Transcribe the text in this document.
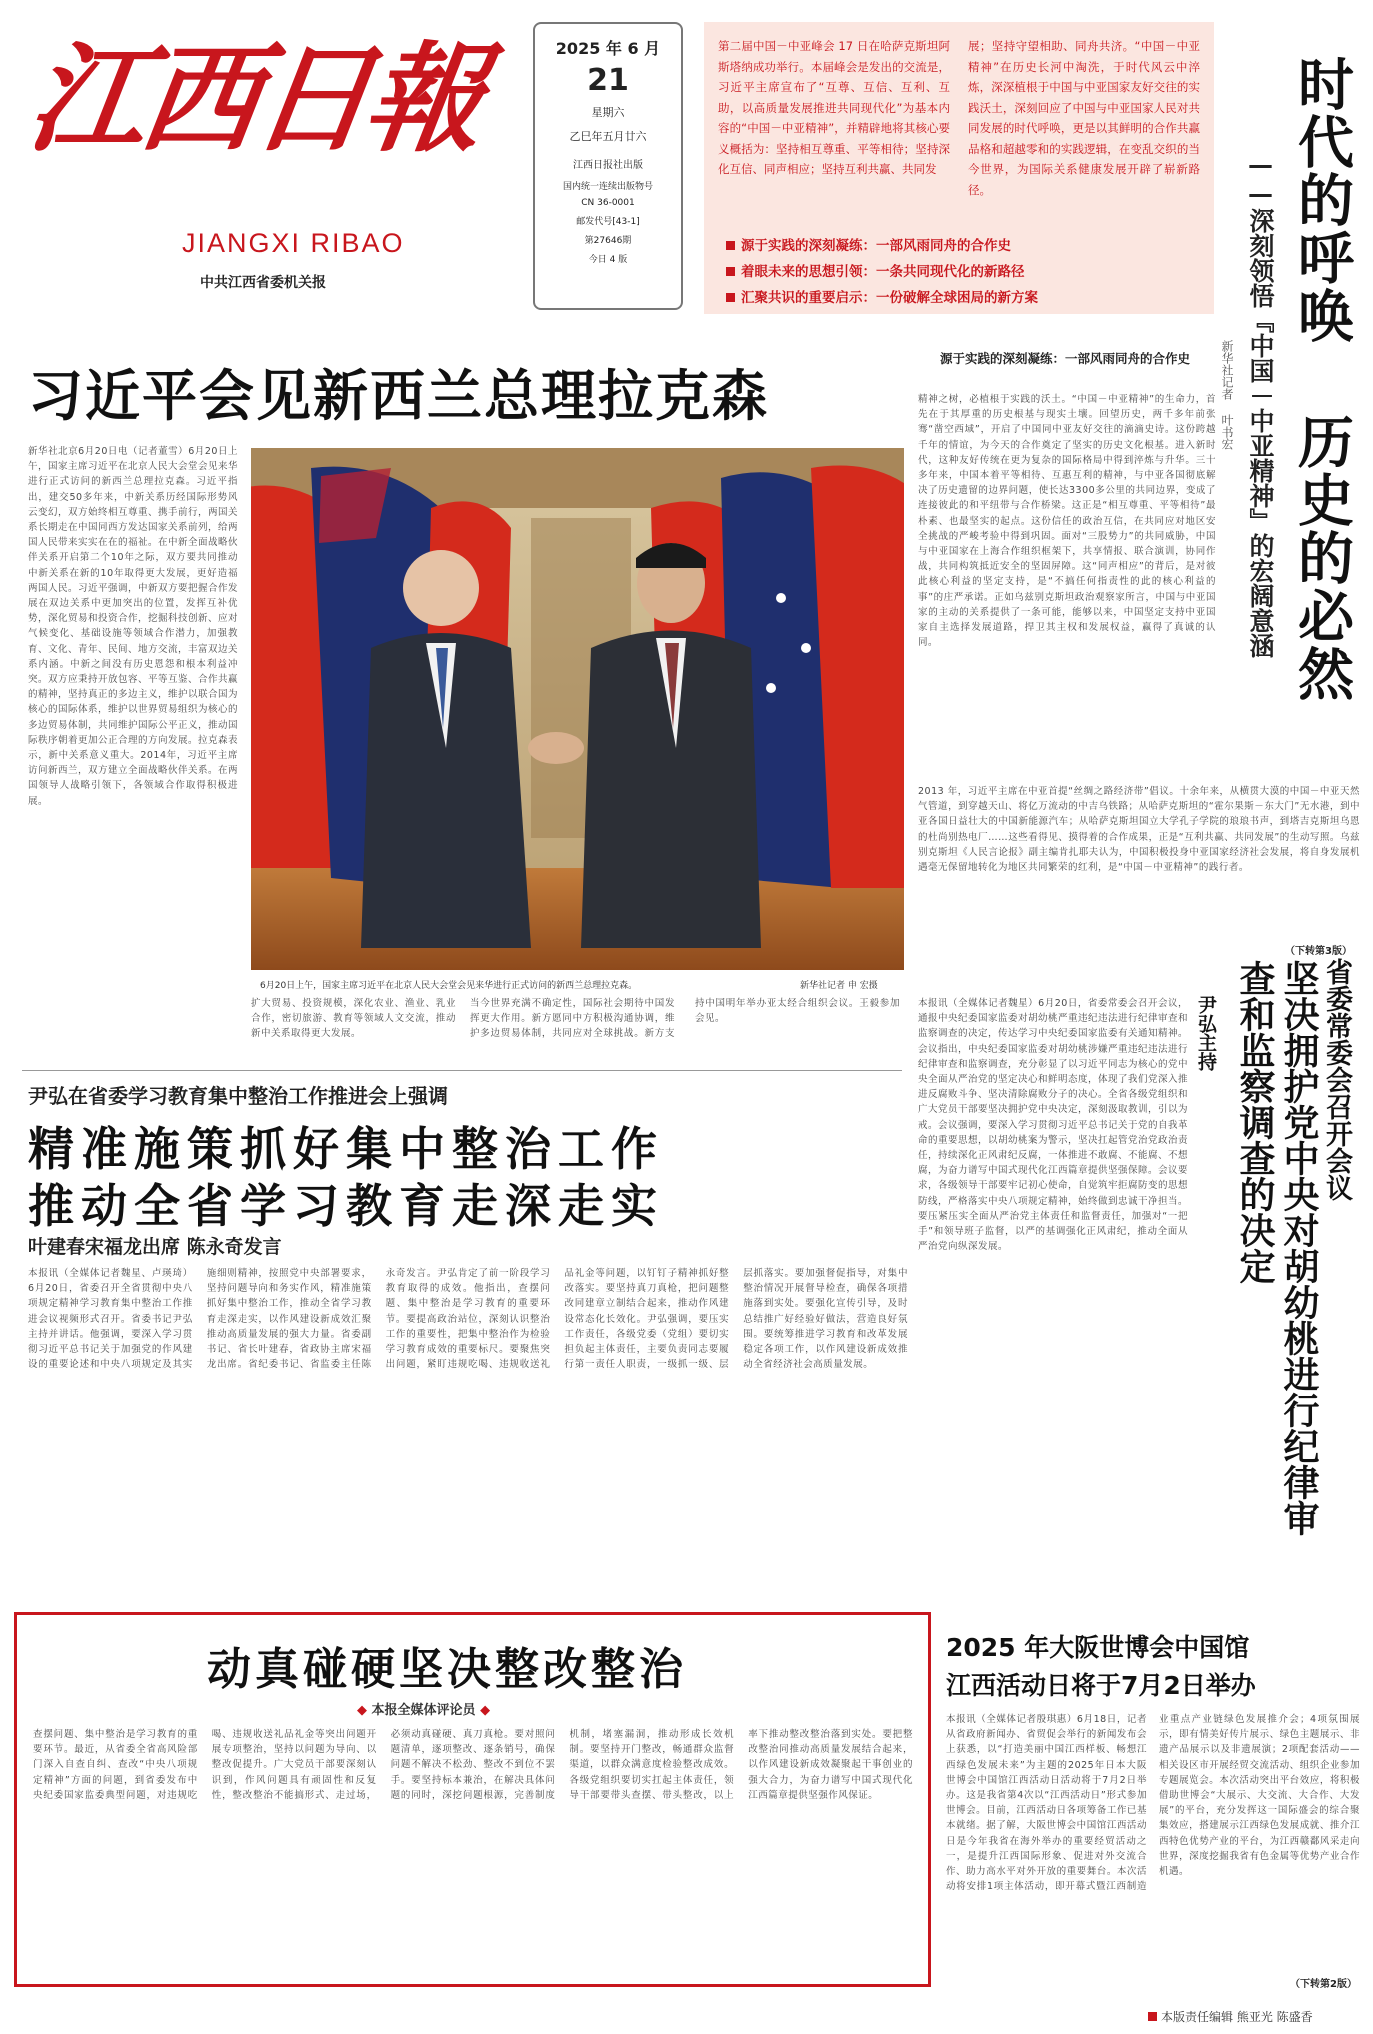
江西日報
JIANGXI RIBAO
中共江西省委机关报
2025 年 6 月
21
星期六
乙巳年五月廿六
江西日报社出版
国内统一连续出版物号
CN 36-0001
邮发代号[43-1]
第27646期
今日 4 版
第二届中国－中亚峰会 17 日在哈萨克斯坦阿斯塔纳成功举行。本届峰会是发出的交流是，习近平主席宣布了“互尊、互信、互利、互助，以高质量发展推进共同现代化”为基本内容的“中国－中亚精神”，并精辟地将其核心要义概括为：坚持相互尊重、平等相待；坚持深化互信、同声相应；坚持互利共赢、共同发
展；坚持守望相助、同舟共济。“中国－中亚精神”在历史长河中淘洗，于时代风云中淬炼，深深植根于中国与中亚国家友好交往的实践沃土，深刻回应了中国与中亚国家人民对共同发展的时代呼唤，更是以其鲜明的合作共赢品格和超越零和的实践逻辑，在变乱交织的当今世界，为国际关系健康发展开辟了崭新路径。
源于实践的深刻凝练：一部风雨同舟的合作史
着眼未来的思想引领：一条共同现代化的新路径
汇聚共识的重要启示：一份破解全球困局的新方案	时代的呼唤 历史的必然
——深刻领悟『中国－中亚精神』的宏阔意涵
新华社记者 叶书宏
源于实践的深刻凝练：一部风雨同舟的合作史
精神之树，必植根于实践的沃土。“中国－中亚精神”的生命力，首先在于其厚重的历史根基与现实土壤。回望历史，两千多年前张骞“凿空西域”，开启了中国同中亚友好交往的滴滴史诗。这份跨越千年的情谊，为今天的合作奠定了坚实的历史文化根基。进入新时代，这种友好传统在更为复杂的国际格局中得到淬炼与升华。三十多年来，中国本着平等相待、互惠互利的精神，与中亚各国彻底解决了历史遗留的边界问题，使长达3300多公里的共同边界，变成了连接彼此的和平纽带与合作桥梁。这正是“相互尊重、平等相待”最朴素、也最坚实的起点。这份信任的政治互信，在共同应对地区安全挑战的严峻考验中得到巩固。面对“三股势力”的共同威胁，中国与中亚国家在上海合作组织框架下，共享情报、联合演训，协同作战，共同构筑抵近安全的坚固屏障。这“同声相应”的背后，是对彼此核心利益的坚定支持，是“不搞任何指责性的此的核心利益的事”的庄严承诺。正如乌兹别克斯坦政治观察家所言，中国与中亚国家的主动的关系提供了一条可能，能够以来，中国坚定支持中亚国家自主选择发展道路，捍卫其主权和发展权益，赢得了真诚的认同。
2013 年，习近平主席在中亚首提“丝绸之路经济带”倡议。十余年来，从横贯大漠的中国－中亚天然气管道，到穿越天山、将亿万流动的中吉乌铁路；从哈萨克斯坦的“霍尔果斯－东大门”无水港，到中亚各国日益壮大的中国新能源汽车；从哈萨克斯坦国立大学孔子学院的琅琅书声，到塔吉克斯坦乌恩的杜尚别热电厂……这些看得见、摸得着的合作成果，正是“互利共赢、共同发展”的生动写照。乌兹别克斯坦《人民言论报》副主编肯扎耶夫认为，中国积极投身中亚国家经济社会发展，将自身发展机遇毫无保留地转化为地区共同繁荣的红利，是“中国－中亚精神”的践行者。
（下转第3版）
习近平会见新西兰总理拉克森
新华社北京6月20日电（记者董雪）6月20日上午，国家主席习近平在北京人民大会堂会见来华进行正式访问的新西兰总理拉克森。习近平指出，建交50多年来，中新关系历经国际形势风云变幻，双方始终相互尊重、携手前行，两国关系长期走在中国同西方发达国家关系前列，给两国人民带来实实在在的福祉。在中新全面战略伙伴关系开启第二个10年之际，双方要共同推动中新关系在新的10年取得更大发展，更好造福两国人民。习近平强调，中新双方要把握合作发展在双边关系中更加突出的位置，发挥互补优势，深化贸易和投资合作，挖掘科技创新、应对气候变化、基础设施等领域合作潜力，加强教育、文化、青年、民间、地方交流，丰富双边关系内涵。中新之间没有历史恩怨和根本利益冲突。双方应秉持开放包容、平等互鉴、合作共赢的精神，坚持真正的多边主义，维护以联合国为核心的国际体系，维护以世界贸易组织为核心的多边贸易体制，共同维护国际公平正义，推动国际秩序朝着更加公正合理的方向发展。拉克森表示，新中关系意义重大。2014年，习近平主席访问新西兰，双方建立全面战略伙伴关系。在两国领导人战略引领下，各领域合作取得积极进展。
6月20日上午，国家主席习近平在北京人民大会堂会见来华进行正式访问的新西兰总理拉克森。	新华社记者 申 宏摄
扩大贸易、投资规模，深化农业、渔业、乳业合作，密切旅游、教育等领域人文交流，推动新中关系取得更大发展。
当今世界充满不确定性，国际社会期待中国发挥更大作用。新方愿同中方积极沟通协调，维护多边贸易体制，共同应对全球挑战。新方支持中国明年举办亚太经合组织会议。王毅参加会见。
尹弘在省委学习教育集中整治工作推进会上强调
精准施策抓好集中整治工作
推动全省学习教育走深走实
叶建春宋福龙出席 陈永奇发言
本报讯（全媒体记者魏星、卢瑛琦）6月20日，省委召开全省贯彻中央八项规定精神学习教育集中整治工作推进会议视频形式召开。省委书记尹弘主持并讲话。他强调，要深入学习贯彻习近平总书记关于加强党的作风建设的重要论述和中央八项规定及其实施细则精神，按照党中央部署要求，坚持问题导向和务实作风，精准施策抓好集中整治工作，推动全省学习教育走深走实，以作风建设新成效汇聚推动高质量发展的强大力量。省委副书记、省长叶建春，省政协主席宋福龙出席。省纪委书记、省监委主任陈永奇发言。尹弘肯定了前一阶段学习教育取得的成效。他指出，查摆问题、集中整治是学习教育的重要环节。要提高政治站位，深刻认识整治工作的重要性，把集中整治作为检验学习教育成效的重要标尺。要聚焦突出问题，紧盯违规吃喝、违规收送礼品礼金等问题，以钉钉子精神抓好整改落实。要坚持真刀真枪，把问题整改同建章立制结合起来，推动作风建设常态化长效化。尹弘强调，要压实工作责任，各级党委（党组）要切实担负起主体责任，主要负责同志要履行第一责任人职责，一级抓一级、层层抓落实。要加强督促指导，对集中整治情况开展督导检查，确保各项措施落到实处。要强化宣传引导，及时总结推广好经验好做法，营造良好氛围。要统筹推进学习教育和改革发展稳定各项工作，以作风建设新成效推动全省经济社会高质量发展。
省委常委会召开会议
坚决拥护党中央对胡幼桃进行纪律审查和监察调查的决定
尹弘主持
本报讯（全媒体记者魏星）6月20日，省委常委会召开会议，通报中央纪委国家监委对胡幼桃严重违纪违法进行纪律审查和监察调查的决定，传达学习中央纪委国家监委有关通知精神。会议指出，中央纪委国家监委对胡幼桃涉嫌严重违纪违法进行纪律审查和监察调查，充分彰显了以习近平同志为核心的党中央全面从严治党的坚定决心和鲜明态度，体现了我们党深入推进反腐败斗争、坚决清除腐败分子的决心。全省各级党组织和广大党员干部要坚决拥护党中央决定，深刻汲取教训，引以为戒。会议强调，要深入学习贯彻习近平总书记关于党的自我革命的重要思想，以胡幼桃案为警示，坚决扛起管党治党政治责任，持续深化正风肃纪反腐，一体推进不敢腐、不能腐、不想腐，为奋力谱写中国式现代化江西篇章提供坚强保障。会议要求，各级领导干部要牢记初心使命，自觉筑牢拒腐防变的思想防线，严格落实中央八项规定精神，始终做到忠诚干净担当。要压紧压实全面从严治党主体责任和监督责任，加强对“一把手”和领导班子监督，以严的基调强化正风肃纪，推动全面从严治党向纵深发展。
动真碰硬坚决整改整治
◆ 本报全媒体评论员 ◆
查摆问题、集中整治是学习教育的重要环节。最近，从省委全省高风险部门深入自查自纠、查改“中央八项规定精神”方面的问题，到省委发布中央纪委国家监委典型问题，对违规吃喝、违规收送礼品礼金等突出问题开展专项整治，坚持以问题为导向、以整改促提升。广大党员干部要深刻认识到，作风问题具有顽固性和反复性，整改整治不能搞形式、走过场，必须动真碰硬、真刀真枪。要对照问题清单，逐项整改、逐条销号，确保问题不解决不松劲、整改不到位不罢手。要坚持标本兼治，在解决具体问题的同时，深挖问题根源，完善制度机制，堵塞漏洞，推动形成长效机制。要坚持开门整改，畅通群众监督渠道，以群众满意度检验整改成效。各级党组织要切实扛起主体责任，领导干部要带头查摆、带头整改，以上率下推动整改整治落到实处。要把整改整治同推动高质量发展结合起来，以作风建设新成效凝聚起干事创业的强大合力，为奋力谱写中国式现代化江西篇章提供坚强作风保证。
2025 年大阪世博会中国馆
江西活动日将于7月2日举办
本报讯（全媒体记者殷琪惠）6月18日，记者从省政府新闻办、省贸促会举行的新闻发布会上获悉，以“打造美丽中国江西样板、畅想江西绿色发展未来”为主题的2025年日本大阪世博会中国馆江西活动日活动将于7月2日举办。这是我省第4次以“江西活动日”形式参加世博会。目前，江西活动日各项筹备工作已基本就绪。据了解，大阪世博会中国馆江西活动日是今年我省在海外举办的重要经贸活动之一，是提升江西国际形象、促进对外交流合作、助力高水平对外开放的重要舞台。本次活动将安排1项主体活动，即开幕式暨江西制造业重点产业链绿色发展推介会；4项氛围展示，即有情美好传片展示、绿色主题展示、非遗产品展示以及非遗展演；2项配套活动——相关设区市开展经贸交流活动、组织企业参加专题展览会。本次活动突出平台效应，将积极借助世博会“大展示、大交流、大合作、大发展”的平台，充分发挥这一国际盛会的综合聚集效应，搭建展示江西绿色发展成就、推介江西特色优势产业的平台，为江西赣鄱风采走向世界，深度挖掘我省有色金属等优势产业合作机遇。
（下转第2版）
本版责任编辑 熊亚光 陈盛香
